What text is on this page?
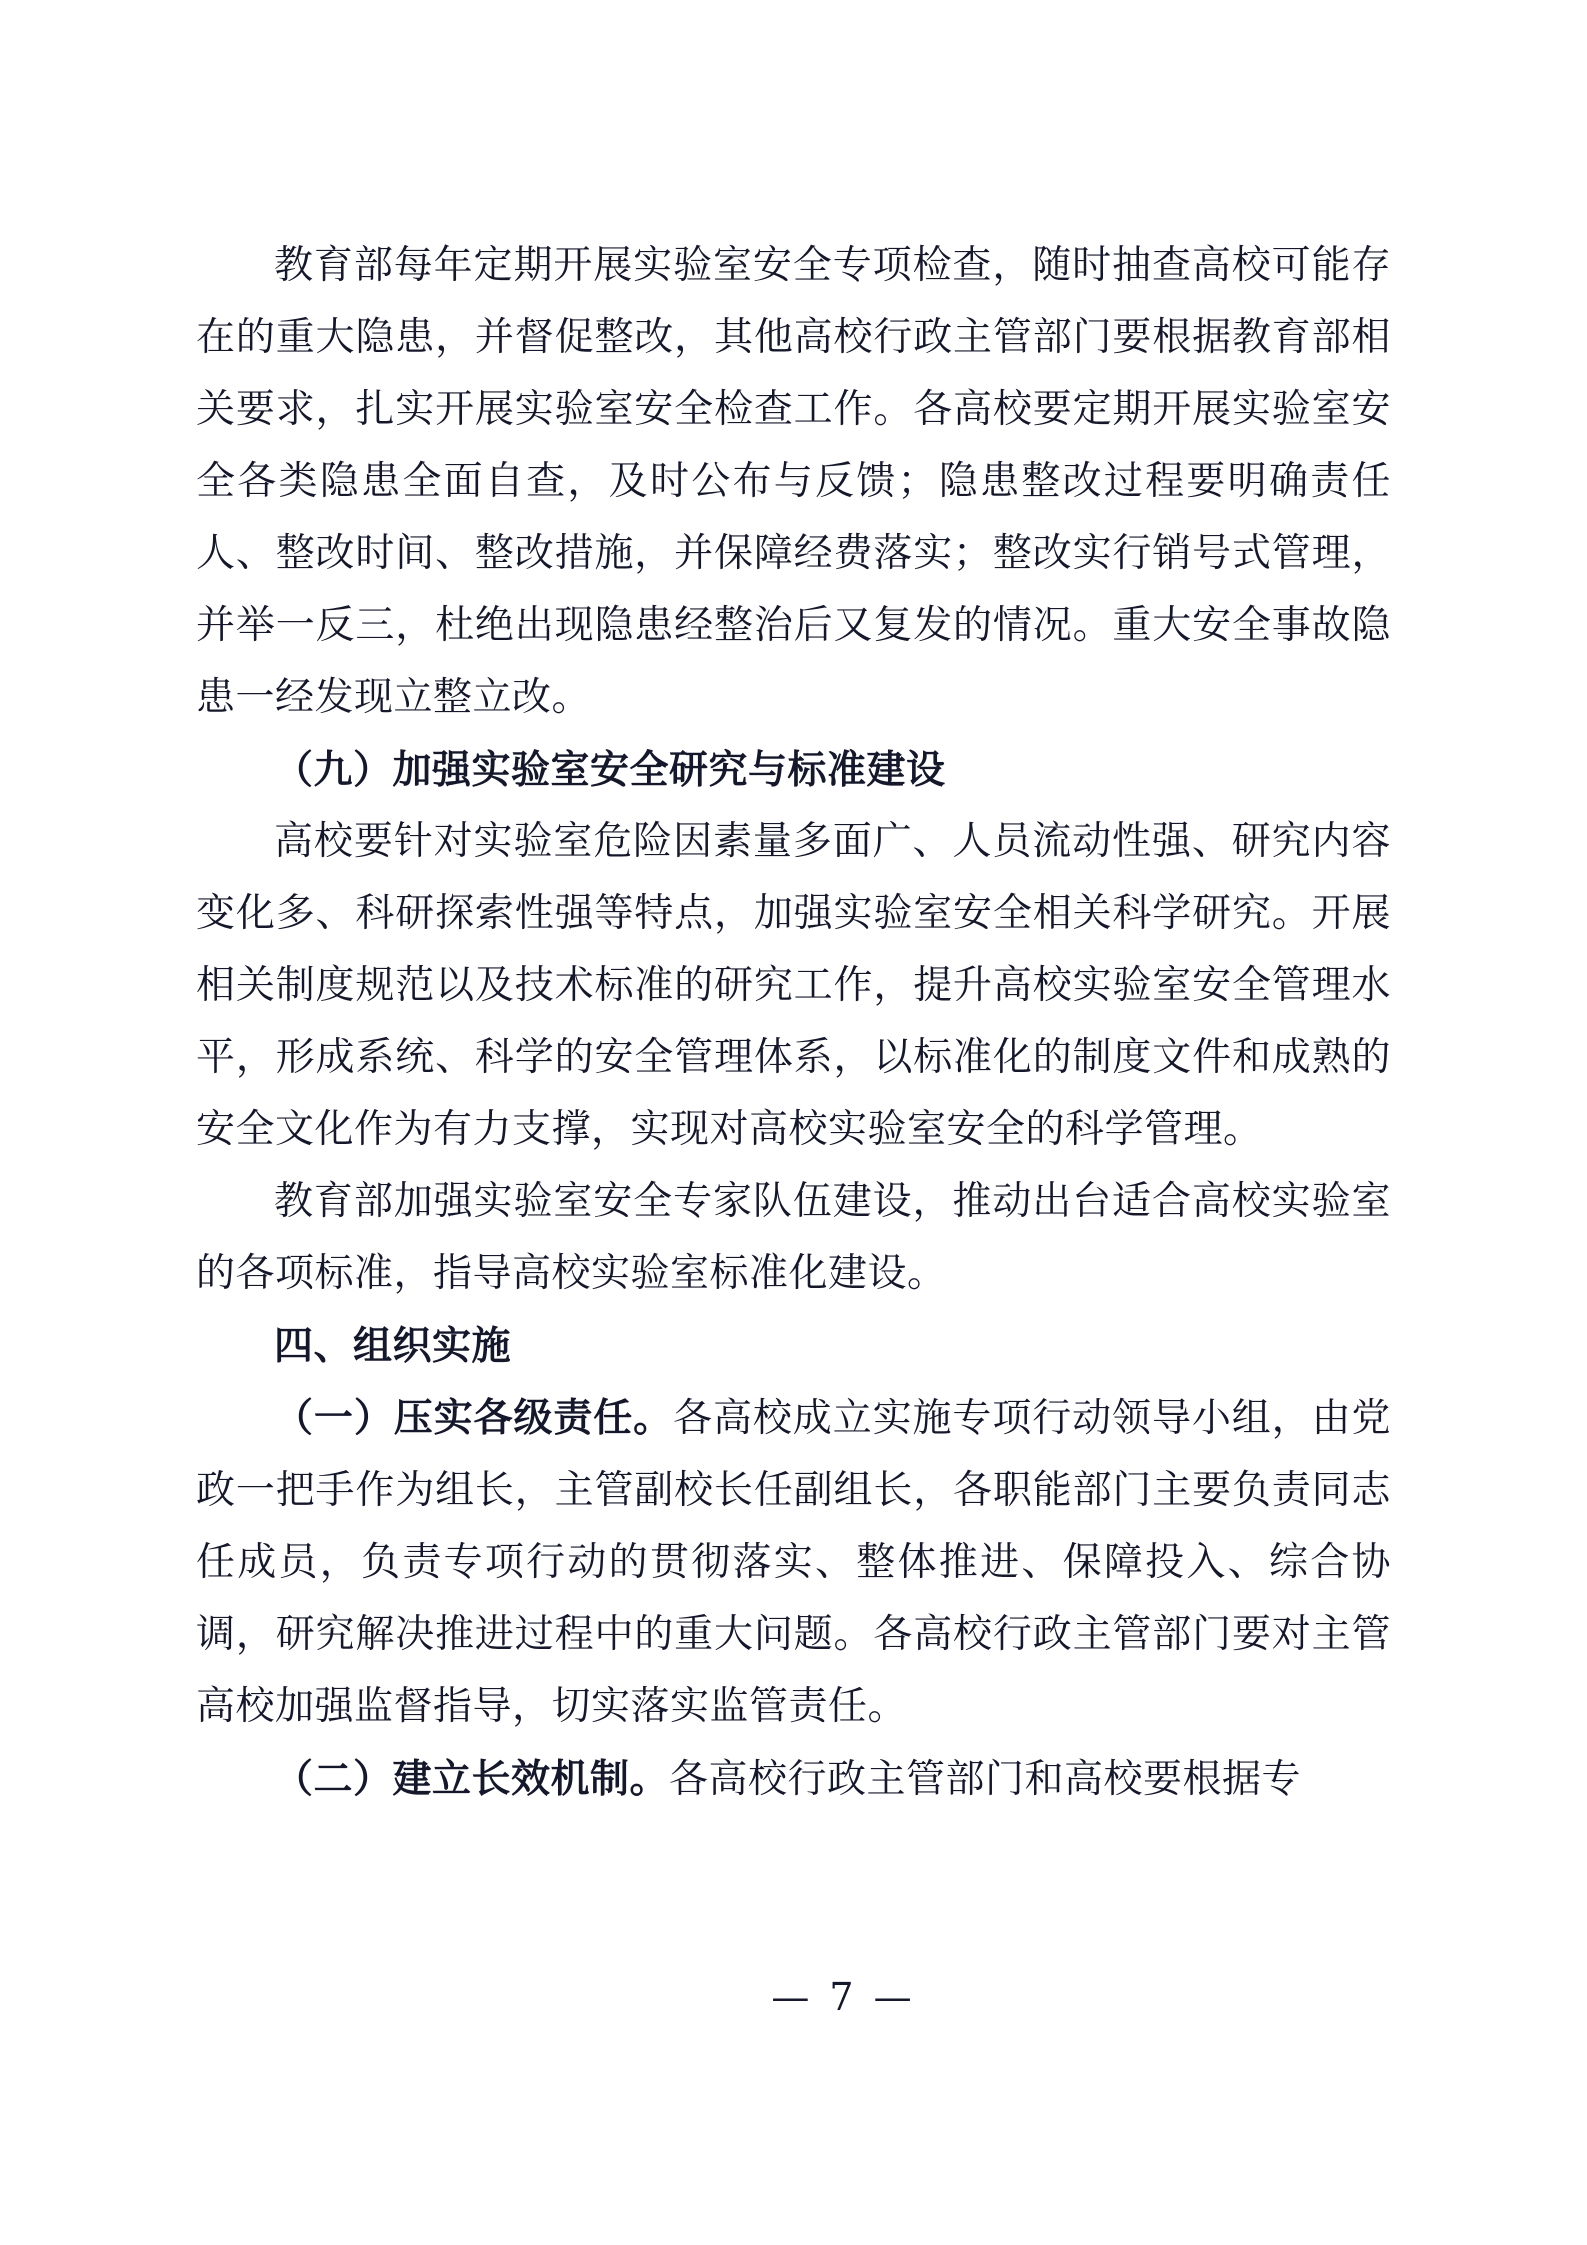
教育部每年定期开展实验室安全专项检查，随时抽查高校可能存在的重大隐患，并督促整改，其他高校行政主管部门要根据教育部相关要求，扎实开展实验室安全检查工作。各高校要定期开展实验室安全各类隐患全面自查，及时公布与反馈；隐患整改过程要明确责任人、整改时间、整改措施，并保障经费落实；整改实行销号式管理，并举一反三，杜绝出现隐患经整治后又复发的情况。重大安全事故隐患一经发现立整立改。

（九）加强实验室安全研究与标准建设

高校要针对实验室危险因素量多面广、人员流动性强、研究内容变化多、科研探索性强等特点，加强实验室安全相关科学研究。开展相关制度规范以及技术标准的研究工作，提升高校实验室安全管理水平，形成系统、科学的安全管理体系，以标准化的制度文件和成熟的安全文化作为有力支撑，实现对高校实验室安全的科学管理。

教育部加强实验室安全专家队伍建设，推动出台适合高校实验室的各项标准，指导高校实验室标准化建设。

四、组织实施

（一）压实各级责任。各高校成立实施专项行动领导小组，由党政一把手作为组长，主管副校长任副组长，各职能部门主要负责同志任成员，负责专项行动的贯彻落实、整体推进、保障投入、综合协调，研究解决推进过程中的重大问题。各高校行政主管部门要对主管高校加强监督指导，切实落实监管责任。

（二）建立长效机制。各高校行政主管部门和高校要根据专

— 7 —
